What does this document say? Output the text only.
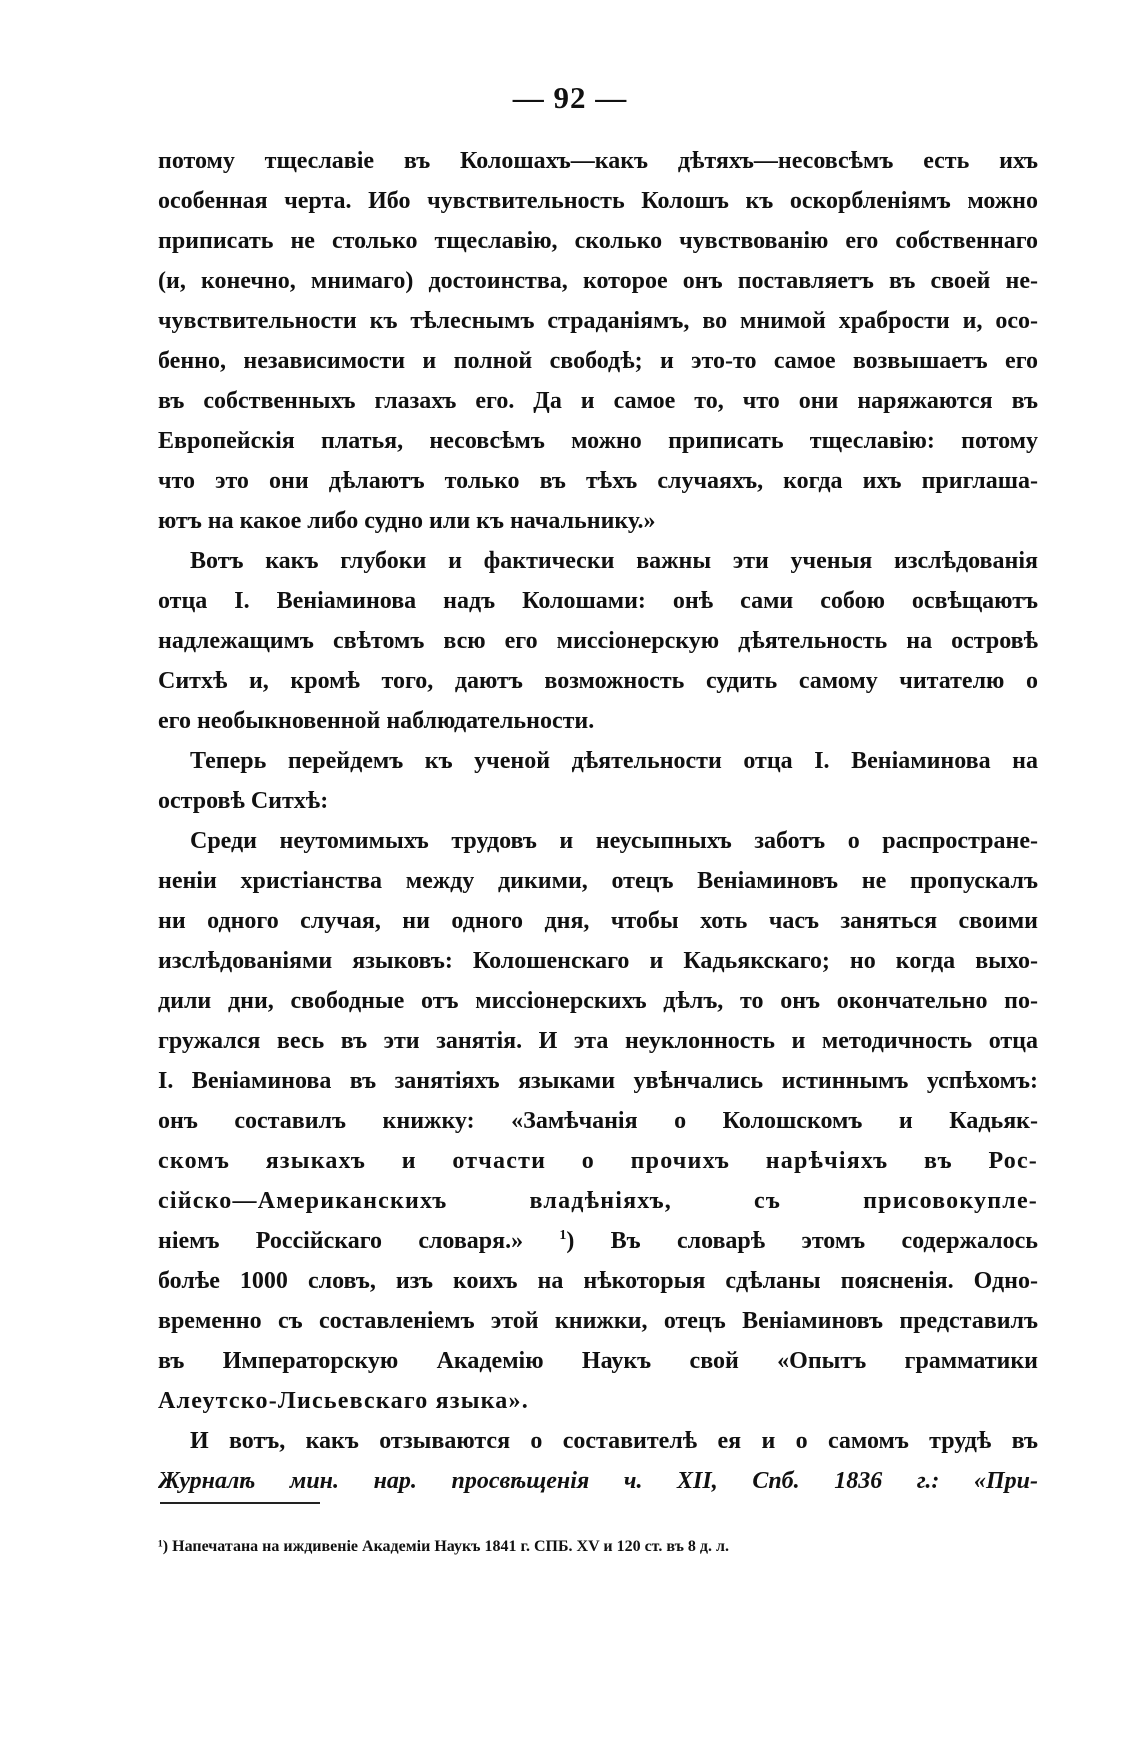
— 92 —
потому тщеславіе въ Колошахъ—какъ дѣтяхъ—несовсѣмъ есть ихъ
особенная черта. Ибо чувствительность Колошъ къ оскорбленіямъ можно
приписать не столько тщеславію, сколько чувствованію его собственнаго
(и, конечно, мнимаго) достоинства, которое онъ поставляетъ въ своей не-
чувствительности къ тѣлеснымъ страданіямъ, во мнимой храбрости и, осо-
бенно, независимости и полной свободѣ; и это-то самое возвышаетъ его
въ собственныхъ глазахъ его. Да и самое то, что они наряжаются въ
Европейскія платья, несовсѣмъ можно приписать тщеславію: потому
что это они дѣлаютъ только въ тѣхъ случаяхъ, когда ихъ приглаша-
ютъ на какое либо судно или къ начальнику.»
Вотъ какъ глубоки и фактически важны эти ученыя изслѣдованія
отца І. Веніаминова надъ Колошами: онѣ сами собою освѣщаютъ
надлежащимъ свѣтомъ всю его миссіонерскую дѣятельность на островѣ
Ситхѣ и, кромѣ того, даютъ возможность судить самому читателю о
его необыкновенной наблюдательности.
Теперь перейдемъ къ ученой дѣятельности отца І. Веніаминова на
островѣ Ситхѣ:
Среди неутомимыхъ трудовъ и неусыпныхъ заботъ о распростране-
неніи христіанства между дикими, отецъ Веніаминовъ не пропускалъ
ни одного случая, ни одного дня, чтобы хоть часъ заняться своими
изслѣдованіями языковъ: Колошенскаго и Кадьякскаго; но когда выхо-
дили дни, свободные отъ миссіонерскихъ дѣлъ, то онъ окончательно по-
гружался весь въ эти занятія. И эта неуклонность и методичность отца
І. Веніаминова въ занятіяхъ языками увѣнчались истиннымъ успѣхомъ:
онъ составилъ книжку: «Замѣчанія о Колошскомъ и Кадьяк-
скомъ языкахъ и отчасти о прочихъ нарѣчіяхъ въ Рос-
сійско—Американскихъ владѣніяхъ, съ присовокупле-
ніемъ Россійскаго словаря.» $^1$) Въ словарѣ этомъ содержалось
болѣе 1000 словъ, изъ коихъ на нѣкоторыя сдѣланы поясненія. Одно-
временно съ составленіемъ этой книжки, отецъ Веніаминовъ представилъ
въ Императорскую Академію Наукъ свой «Опытъ грамматики
Алеутско-Лисьевскаго языка».
И вотъ, какъ отзываются о составителѣ ея и о самомъ трудѣ въ
Журналѣ мин. нар. просвѣщенія ч. XII, Спб. 1836 г.: «При-
¹) Напечатана на иждивеніе Академіи Наукъ 1841 г. СПБ. XV и 120 ст. въ 8 д. л.
